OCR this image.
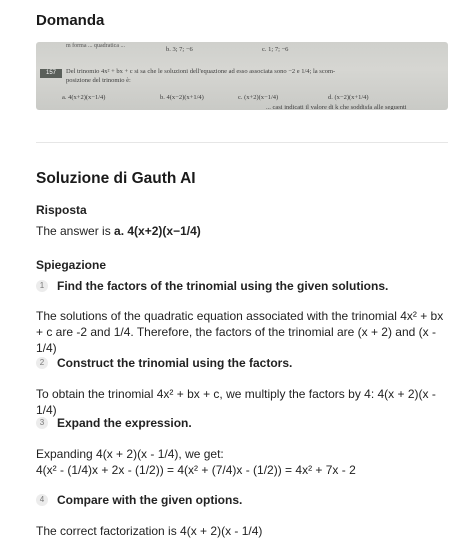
Domanda
m forma ... quadratica ...	b. 3; 7; −6	c. 1; 7; −6
157	Del trinomio 4x² + bx + c si sa che le soluzioni dell'equazione ad esso associata sono −2 e 1/4; la scom-
posizione del trinomio è:
a. 4(x+2)(x−1/4)	b. 4(x−2)(x+1/4)	c. (x+2)(x−1/4)	d. (x−2)(x+1/4)
... casi indicati il valore di k che soddisfa alle seguenti
Soluzione di Gauth AI
Risposta
The answer is a. 4(x+2)(x−1/4)
Spiegazione
1	Find the factors of the trinomial using the given solutions.
The solutions of the quadratic equation associated with the trinomial 4x² + bx + c are -2 and 1/4. Therefore, the factors of the trinomial are (x + 2) and (x - 1/4)
2	Construct the trinomial using the factors.
To obtain the trinomial 4x² + bx + c, we multiply the factors by 4: 4(x + 2)(x - 1/4)
3	Expand the expression.
Expanding 4(x + 2)(x - 1/4), we get:
4(x² - (1/4)x + 2x - (1/2)) = 4(x² + (7/4)x - (1/2)) = 4x² + 7x - 2
4	Compare with the given options.
The correct factorization is 4(x + 2)(x - 1/4)
